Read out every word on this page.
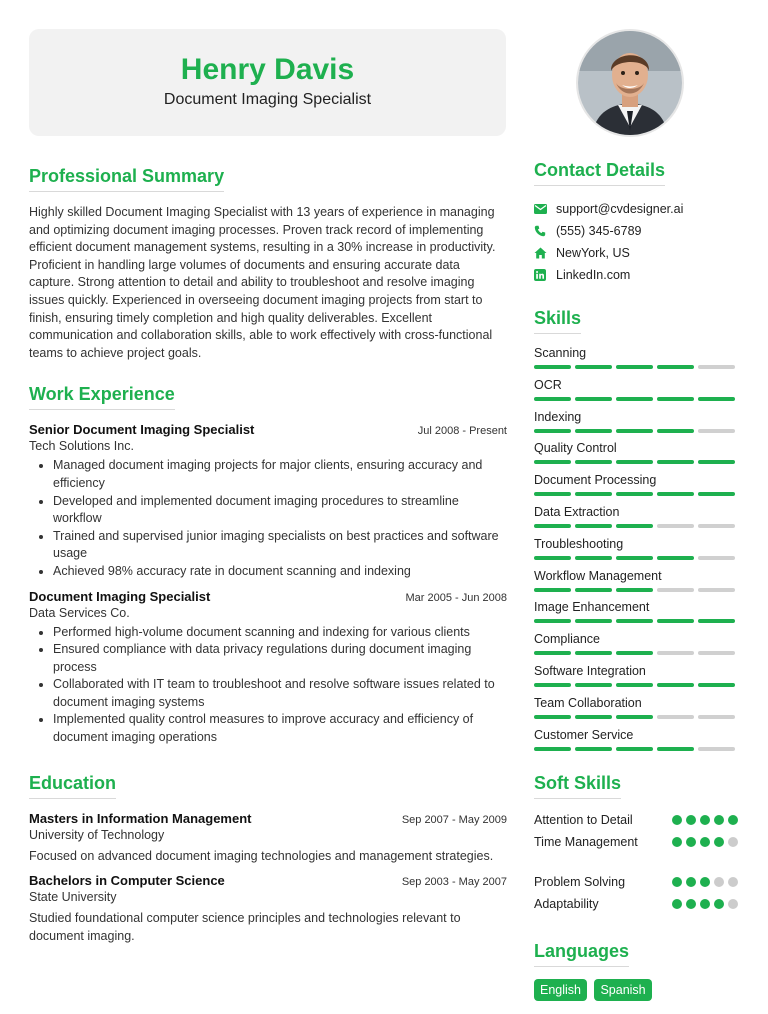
Henry Davis
Document Imaging Specialist
Professional Summary

Highly skilled Document Imaging Specialist with 13 years of experience in managing and optimizing document imaging processes. Proven track record of implementing efficient document management systems, resulting in a 30% increase in productivity. Proficient in handling large volumes of documents and ensuring accurate data capture. Strong attention to detail and ability to troubleshoot and resolve imaging issues quickly. Experienced in overseeing document imaging projects from start to finish, ensuring timely completion and high quality deliverables. Excellent communication and collaboration skills, able to work effectively with cross-functional teams to achieve project goals.

Work Experience
Senior Document Imaging Specialist	Jul 2008 - Present
Tech Solutions Inc.
• Managed document imaging projects for major clients, ensuring accuracy and efficiency
• Developed and implemented document imaging procedures to streamline workflow
• Trained and supervised junior imaging specialists on best practices and software usage
• Achieved 98% accuracy rate in document scanning and indexing
Document Imaging Specialist	Mar 2005 - Jun 2008
Data Services Co.
• Performed high-volume document scanning and indexing for various clients
• Ensured compliance with data privacy regulations during document imaging process
• Collaborated with IT team to troubleshoot and resolve software issues related to document imaging systems
• Implemented quality control measures to improve accuracy and efficiency of document imaging operations
Education
Masters in Information Management	Sep 2007 - May 2009
University of Technology

Focused on advanced document imaging technologies and management strategies.

Bachelors in Computer Science	Sep 2003 - May 2007
State University

Studied foundational computer science principles and technologies relevant to document imaging.

Contact Details
support@cvdesigner.ai
(555) 345-6789
NewYork, US
LinkedIn.com
Skills
Scanning
OCR
Indexing
Quality Control
Document Processing
Data Extraction
Troubleshooting
Workflow Management
Image Enhancement
Compliance
Software Integration
Team Collaboration
Customer Service
Soft Skills
Attention to Detail
Time Management
Problem Solving
Adaptability
Languages
English Spanish
